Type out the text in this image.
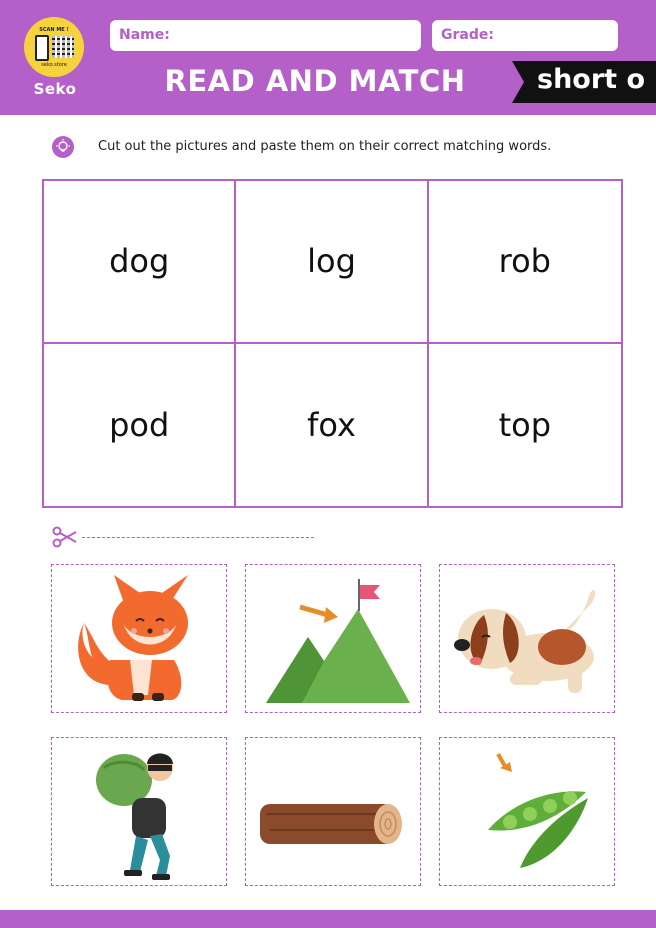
SCAN ME !
seko.store
Seko
Name:	Grade:
READ AND MATCH	short o
Cut out the pictures and paste them on their correct matching words.
dog	log	rob
pod	fox	top
